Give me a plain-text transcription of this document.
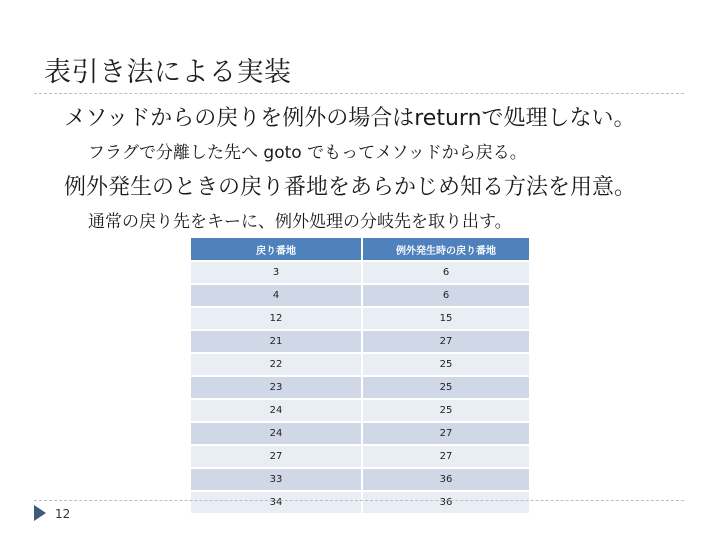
表引き法による実装
メソッドからの戻りを例外の場合はreturnで処理しない。
フラグで分離した先へ goto でもってメソッドから戻る。
例外発生のときの戻り番地をあらかじめ知る方法を用意。
通常の戻り先をキーに、例外処理の分岐先を取り出す。
戻り番地	例外発生時の戻り番地
3	6
4	6
12	15
21	27
22	25
23	25
24	25
24	27
27	27
33	36
34	36
12
